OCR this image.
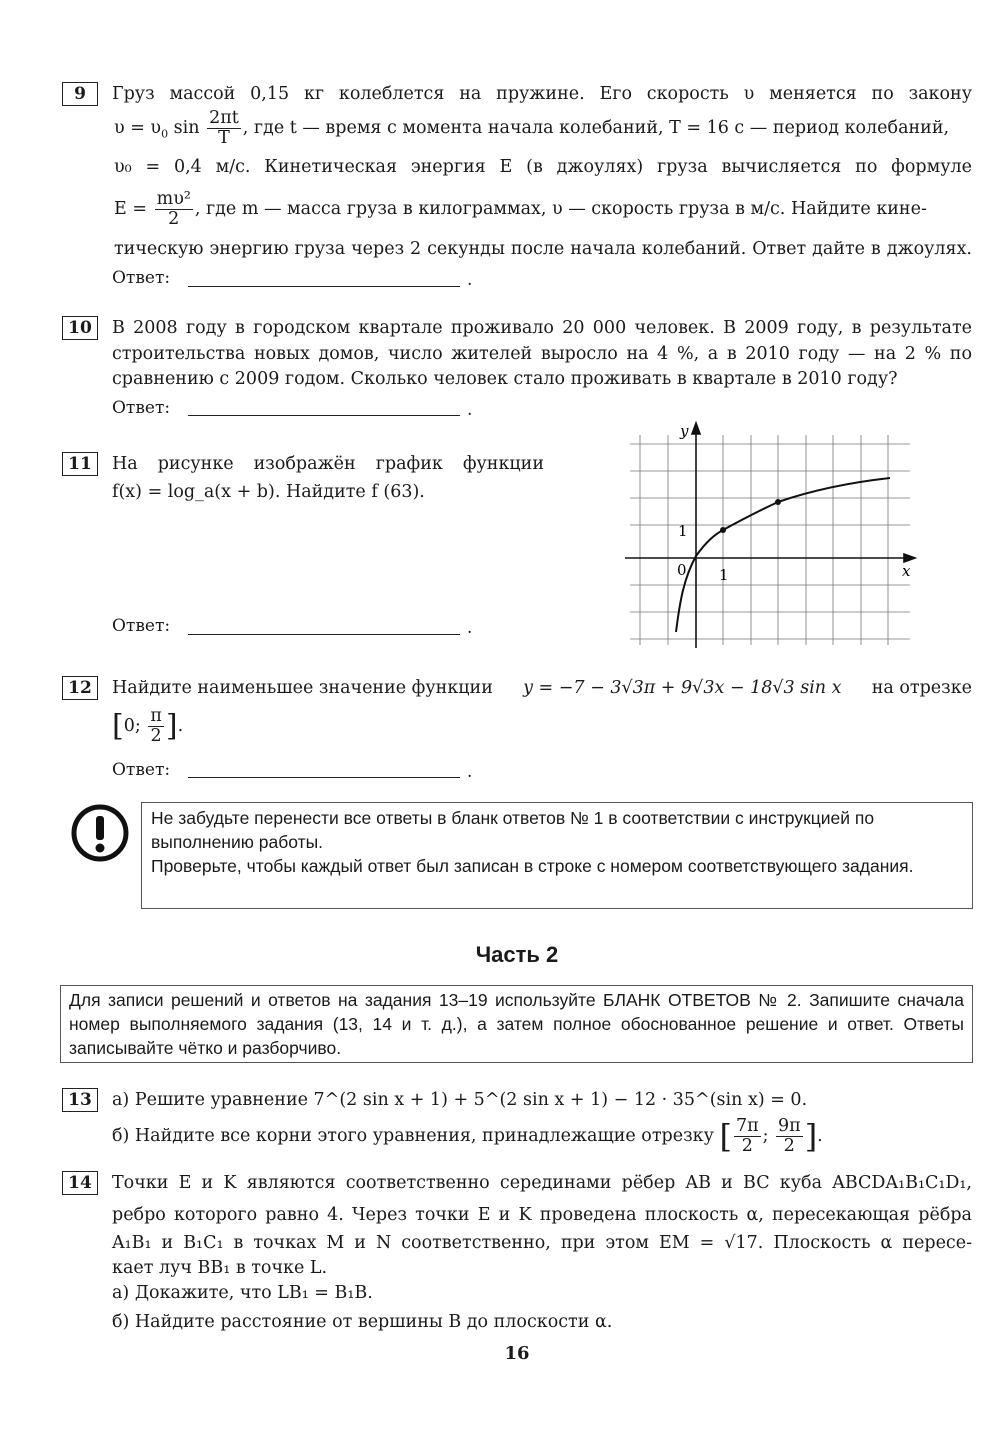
9	Груз массой 0,15 кг колеблется на пружине. Его скорость υ меняется по закону
$\upsilon = \upsilon_0$ $\sin \frac{2\pi t}{T}$ , где t — время с момента начала колебаний, T = 16 с — период колебаний,
υ₀ = 0,4 м/с. Кинетическая энергия E (в джоулях) груза вычисляется по формуле
$E = \frac{\text{mυ²}}{2}$ , где m — масса груза в килограммах, υ — скорость груза в м/с. Найдите кине-
тическую энергию груза через 2 секунды после начала колебаний. Ответ дайте в джоулях.
Ответ:	.
10	В 2008 году в городском квартале проживало 20 000 человек. В 2009 году, в результате
строительства новых домов, число жителей выросло на 4 %, а в 2010 году — на 2 % по
сравнению с 2009 годом. Сколько человек стало проживать в квартале в 2010 году?
Ответ:	.
11	На рисунке изображён график функции
f(x) = log_a(x + b). Найдите f (63).
Ответ:	.
y
x
0 1
1
12	Найдите наименьшее значение функции y = −7 − 3√3π + 9√3x − 18√3 sin x на отрезке
[0; $\frac{\pi}{2}$ ].
Ответ:	.
Не забудьте перенести все ответы в бланк ответов № 1 в соответствии с инструкцией по выполнению работы.
Проверьте, чтобы каждый ответ был записан в строке с номером соответствующего задания.
Часть 2
Для записи решений и ответов на задания 13–19 используйте БЛАНК ОТВЕТОВ № 2. Запишите сначала номер выполняемого задания (13, 14 и т. д.), а затем полное обоснованное решение и ответ. Ответы записывайте чётко и разборчиво.
13	а) Решите уравнение 7^(2 sin x + 1) + 5^(2 sin x + 1) − 12 · 35^(sin x) = 0.
б) Найдите все корни этого уравнения, принадлежащие отрезку [ $\frac{7\pi}{2}$ ; $\frac{9\pi}{2}$ ].
14	Точки E и K являются соответственно серединами рёбер AB и BC куба ABCDA₁B₁C₁D₁,
ребро которого равно 4. Через точки E и K проведена плоскость α, пересекающая рёбра
A₁B₁ и B₁C₁ в точках M и N соответственно, при этом EM = √17. Плоскость α пересе-
кает луч BB₁ в точке L.
а) Докажите, что LB₁ = B₁B.
б) Найдите расстояние от вершины B до плоскости α.
16
